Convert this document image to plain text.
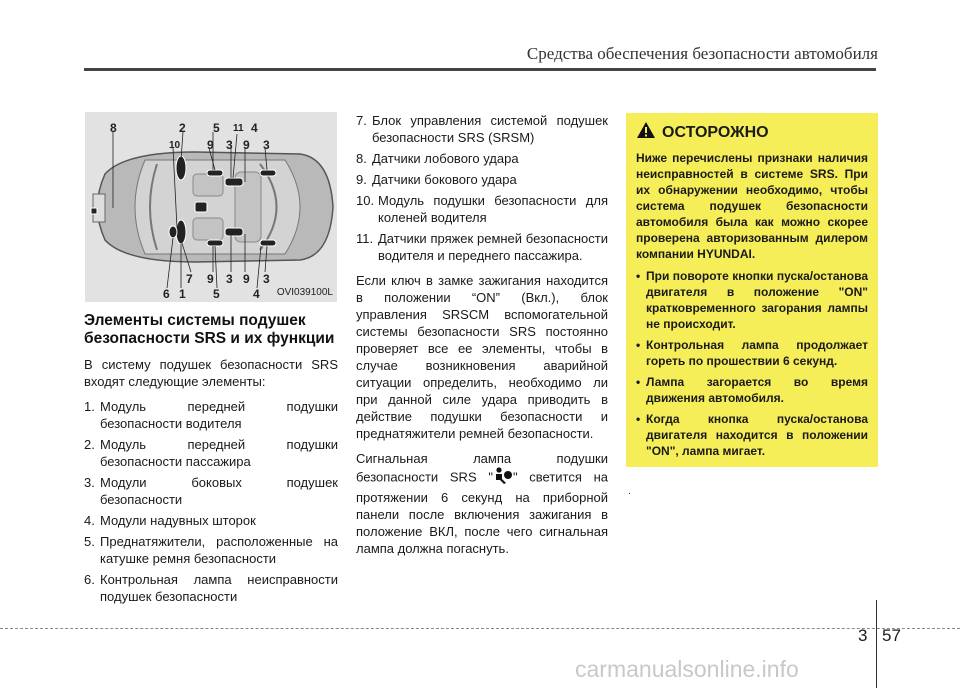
Средства обеспечения безопасности автомобиля
8	2 5 11 4
10 9 3 9 3
7 9 3 9 3
6 1 5	4 OVI039100L
Элементы системы подушек безопасности SRS и их функции

В систему подушек безопасности SRS входят следующие элементы:

1. Модуль передней подушки безопасности водителя
2. Модуль передней подушки безопасности пассажира
3. Модули боковых подушек безопасности
4. Модули надувных шторок
5. Преднатяжители, расположенные на катушке ремня безопасности
6. Контрольная лампа неисправности подушек безопасности
7. Блок управления системой подушек безопасности SRS (SRSM)
8. Датчики лобового удара
9. Датчики бокового удара
10. Модуль подушки безопасности для коленей водителя
11. Датчики пряжек ремней безопасности водителя и переднего пассажира.

Если ключ в замке зажигания находится в положении “ON” (Вкл.), блок управления SRSCM вспомогательной системы безопасности SRS постоянно проверяет все ее элементы, чтобы в случае возникновения аварийной ситуации определить, необходимо ли при данной силе удара приводить в действие подушки безопасности и преднатяжители ремней безопасности.

Сигнальная лампа подушки безопасности SRS " " светится на протяжении 6 секунд на приборной панели после включения зажигания в положение ВКЛ, после чего сигнальная лампа должна погаснуть.

ОСТОРОЖНО

Ниже перечислены признаки наличия неисправностей в системе SRS. При их обнаружении необходимо, чтобы система подушек безопасности автомобиля была как можно скорее проверена авторизованным дилером компании HYUNDAI.

• При повороте кнопки пуска/останова двигателя в положение "ON" кратковременного загорания лампы не происходит.
• Контрольная лампа продолжает гореть по прошествии 6 секунд.
• Лампа загорается во время движения автомобиля.
• Когда кнопка пуска/останова двигателя находится в положении "ON", лампа мигает.
.
3 57
carmanualsonline.info
